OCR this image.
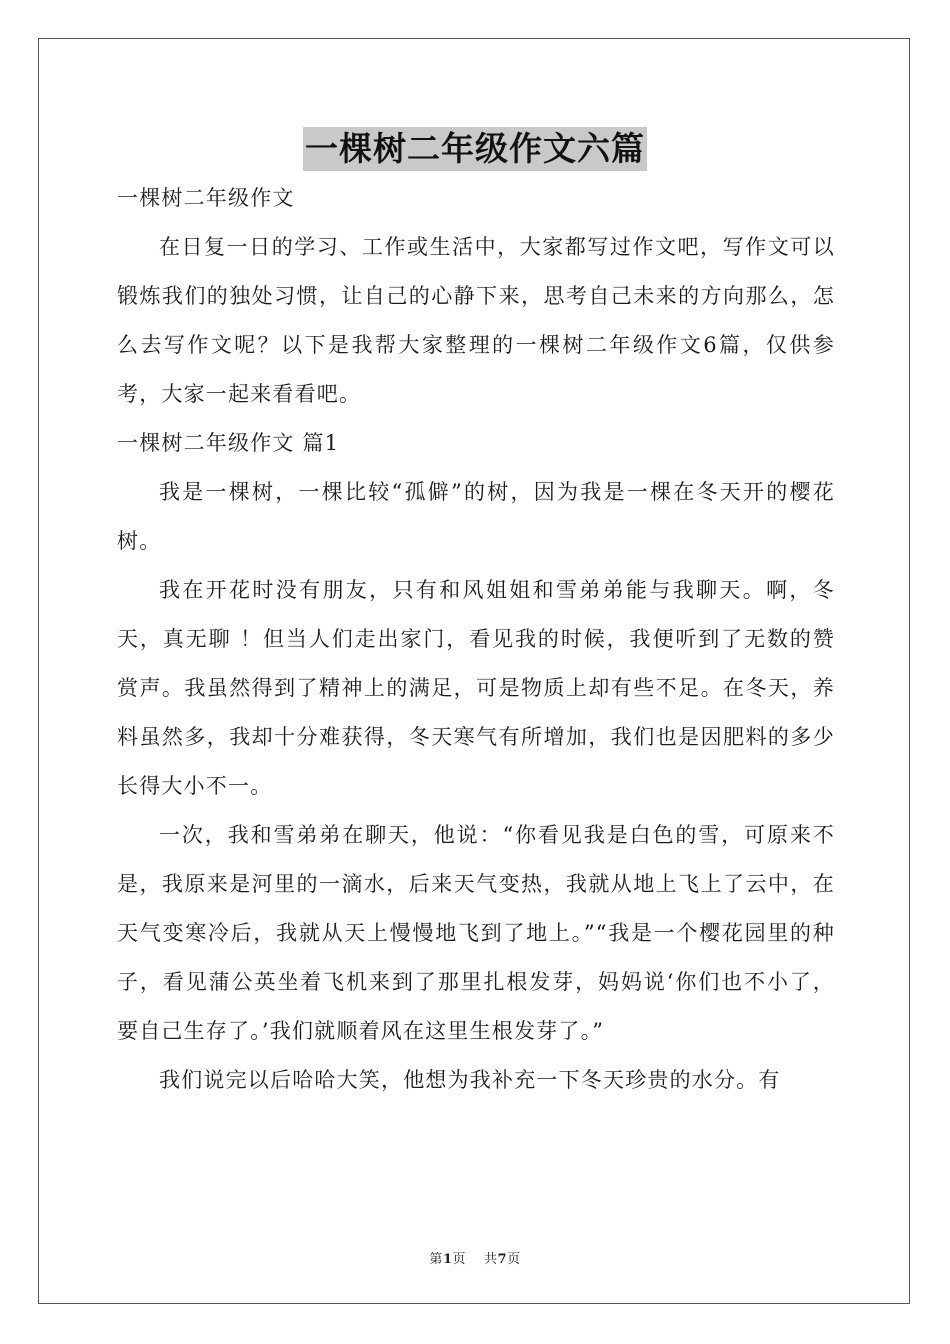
一棵树二年级作文六篇

一棵树二年级作文

在日复一日的学习、工作或生活中，大家都写过作文吧，写作文可以锻炼我们的独处习惯，让自己的心静下来，思考自己未来的方向那么，怎么去写作文呢？以下是我帮大家整理的一棵树二年级作文6篇，仅供参考，大家一起来看看吧。

一棵树二年级作文 篇1

我是一棵树，一棵比较“孤僻”的树，因为我是一棵在冬天开的樱花树。

我在开花时没有朋友，只有和风姐姐和雪弟弟能与我聊天。啊，冬天，真无聊 ！但当人们走出家门，看见我的时候，我便听到了无数的赞赏声。我虽然得到了精神上的满足，可是物质上却有些不足。在冬天，养料虽然多，我却十分难获得，冬天寒气有所增加，我们也是因肥料的多少长得大小不一。

一次，我和雪弟弟在聊天，他说：“你看见我是白色的雪，可原来不是，我原来是河里的一滴水，后来天气变热，我就从地上飞上了云中，在天气变寒冷后，我就从天上慢慢地飞到了地上。”“我是一个樱花园里的种子，看见蒲公英坐着飞机来到了那里扎根发芽，妈妈说‘你们也不小了，要自己生存了。’我们就顺着风在这里生根发芽了。”

我们说完以后哈哈大笑，他想为我补充一下冬天珍贵的水分。有

第1页 共7页
